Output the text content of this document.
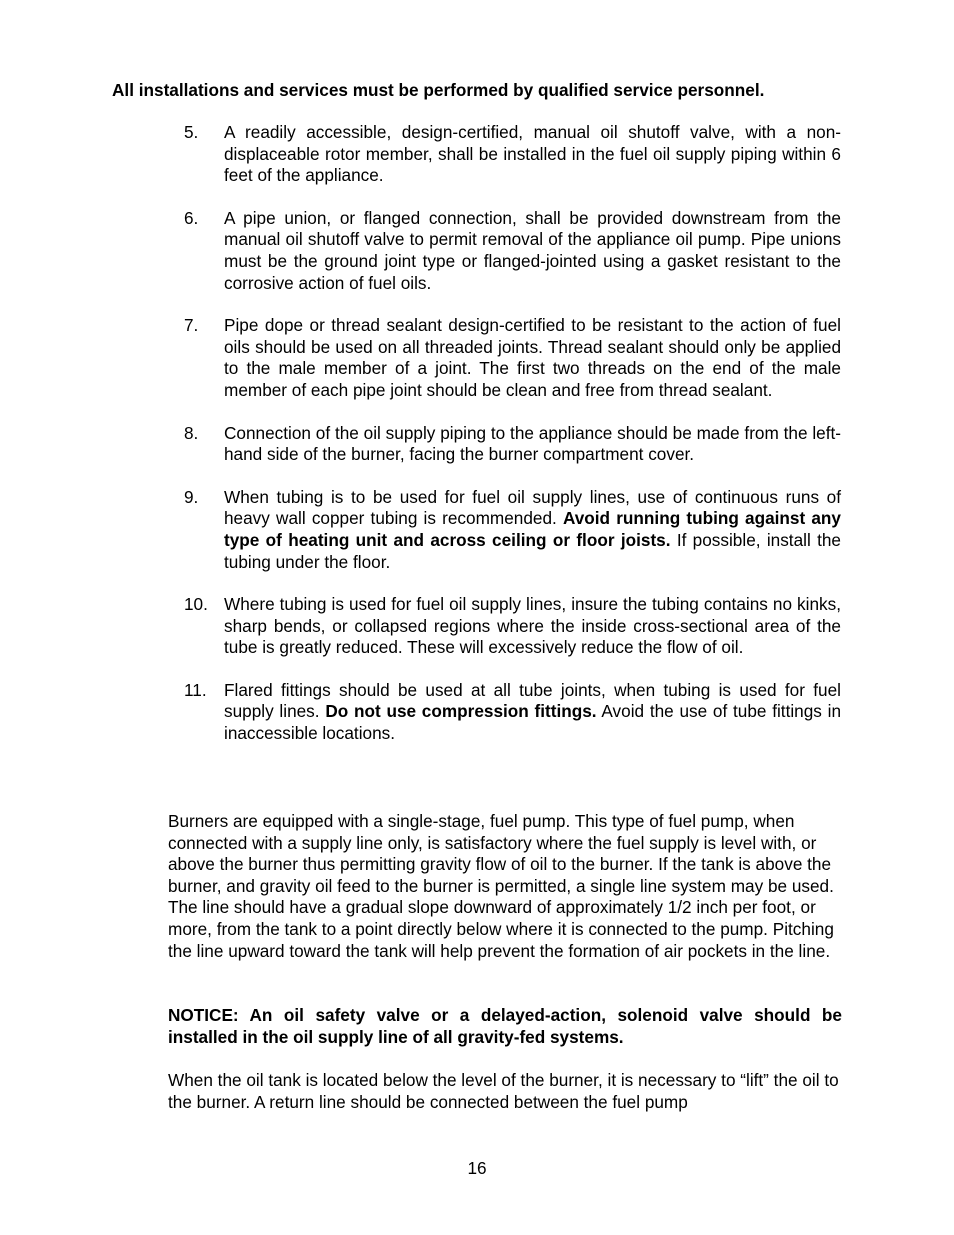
All installations and services must be performed by qualified service personnel.
5. A readily accessible, design-certified, manual oil shutoff valve, with a non-displaceable rotor member, shall be installed in the fuel oil supply piping within 6 feet of the appliance.
6. A pipe union, or flanged connection, shall be provided downstream from the manual oil shutoff valve to permit removal of the appliance oil pump. Pipe unions must be the ground joint type or flanged-jointed using a gasket resistant to the corrosive action of fuel oils.
7. Pipe dope or thread sealant design-certified to be resistant to the action of fuel oils should be used on all threaded joints. Thread sealant should only be applied to the male member of a joint. The first two threads on the end of the male member of each pipe joint should be clean and free from thread sealant.
8. Connection of the oil supply piping to the appliance should be made from the left-hand side of the burner, facing the burner compartment cover.
9. When tubing is to be used for fuel oil supply lines, use of continuous runs of heavy wall copper tubing is recommended. Avoid running tubing against any type of heating unit and across ceiling or floor joists. If possible, install the tubing under the floor.
10. Where tubing is used for fuel oil supply lines, insure the tubing contains no kinks, sharp bends, or collapsed regions where the inside cross-sectional area of the tube is greatly reduced. These will excessively reduce the flow of oil.
11. Flared fittings should be used at all tube joints, when tubing is used for fuel supply lines. Do not use compression fittings. Avoid the use of tube fittings in inaccessible locations.
Burners are equipped with a single-stage, fuel pump. This type of fuel pump, when connected with a supply line only, is satisfactory where the fuel supply is level with, or above the burner thus permitting gravity flow of oil to the burner. If the tank is above the burner, and gravity oil feed to the burner is permitted, a single line system may be used. The line should have a gradual slope downward of approximately 1/2 inch per foot, or more, from the tank to a point directly below where it is connected to the pump. Pitching the line upward toward the tank will help prevent the formation of air pockets in the line.
NOTICE: An oil safety valve or a delayed-action, solenoid valve should be installed in the oil supply line of all gravity-fed systems.
When the oil tank is located below the level of the burner, it is necessary to “lift” the oil to the burner. A return line should be connected between the fuel pump
16
